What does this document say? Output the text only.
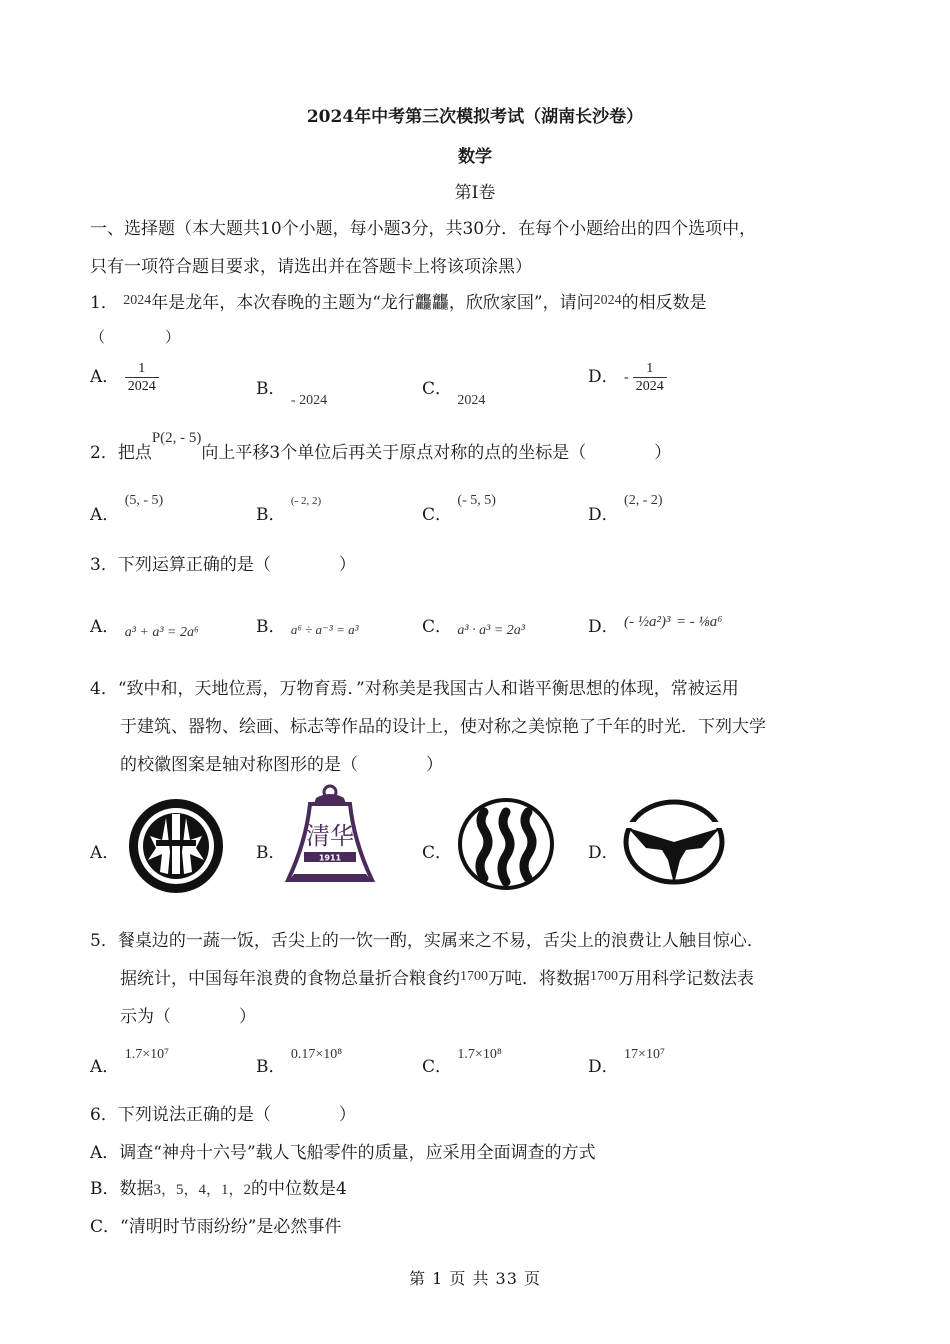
2024年中考第三次模拟考试（湖南长沙卷）
数学
第Ⅰ卷
一、选择题（本大题共10个小题，每小题3分，共30分．在每个小题给出的四个选项中，
只有一项符合题目要求，请选出并在答题卡上将该项涂黑）
1． $^{2024}$年是龙年，本次春晚的主题为“龙行龘龘，欣欣家国”，请问$^{2024}$的相反数是
（　　　　）
A． $\frac{1}{2024}$	B． $_{- 2024}$
C． $_{2024}$
D． - $\frac{1}{2024}$
2．把点P(2, - 5)向上平移3个单位后再关于原点对称的点的坐标是（　　　　）
A． (5, - 5)
B． (- 2, 2)
C． (- 5, 5)
D． (2, - 2)
3．下列运算正确的是（　　　　）
A． $_{a^3 + a^3 = 2a^6}$	B． a⁶ ÷ a⁻³ = a³	C． a³ · a³ = 2a³	D． (- ½a²)³ = - ⅛a⁶
4．“致中和，天地位焉，万物育焉．”对称美是我国古人和谐平衡思想的体现，常被运用
于建筑、器物、绘画、标志等作品的设计上，使对称之美惊艳了千年的时光．下列大学
的校徽图案是轴对称图形的是（　　　　）
A．	B．
清华
1911	C．	D．
5．餐桌边的一蔬一饭，舌尖上的一饮一酌，实属来之不易，舌尖上的浪费让人触目惊心．
据统计，中国每年浪费的食物总量折合粮食约$^{1700}$万吨．将数据$^{1700}$万用科学记数法表
示为（　　　　）
A． 1.7×10⁷
B． 0.17×10⁸
C． 1.7×10⁸
D． 17×10⁷
6．下列说法正确的是（　　　　）
A．调查“神舟十六号”载人飞船零件的质量，应采用全面调查的方式
B．数据3，5，4，1，2的中位数是4
C．“清明时节雨纷纷”是必然事件
第 1 页 共 33 页
